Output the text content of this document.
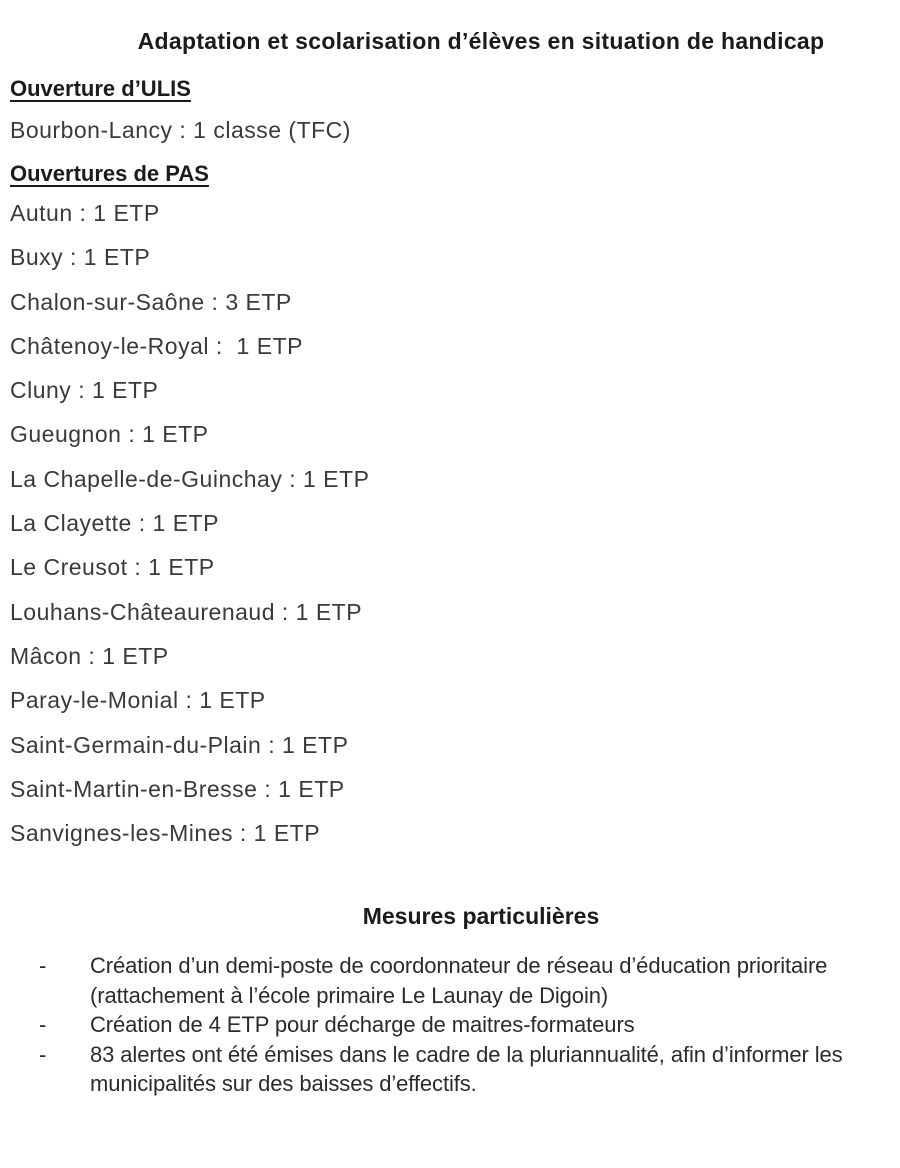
Adaptation et scolarisation d’élèves en situation de handicap
Ouverture d’ULIS

Bourbon-Lancy : 1 classe (TFC)

Ouvertures de PAS

Autun : 1 ETP

Buxy : 1 ETP

Chalon-sur-Saône : 3 ETP

Châtenoy-le-Royal :  1 ETP

Cluny : 1 ETP

Gueugnon : 1 ETP

La Chapelle-de-Guinchay : 1 ETP

La Clayette : 1 ETP

Le Creusot : 1 ETP

Louhans-Châteaurenaud : 1 ETP

Mâcon : 1 ETP

Paray-le-Monial : 1 ETP

Saint-Germain-du-Plain : 1 ETP

Saint-Martin-en-Bresse : 1 ETP

Sanvignes-les-Mines : 1 ETP

Mesures particulières
- Création d’un demi-poste de coordonnateur de réseau d’éducation prioritaire
(rattachement à l’école primaire Le Launay de Digoin)
- Création de 4 ETP pour décharge de maitres-formateurs
- 83 alertes ont été émises dans le cadre de la pluriannualité, afin d’informer les
municipalités sur des baisses d’effectifs.
